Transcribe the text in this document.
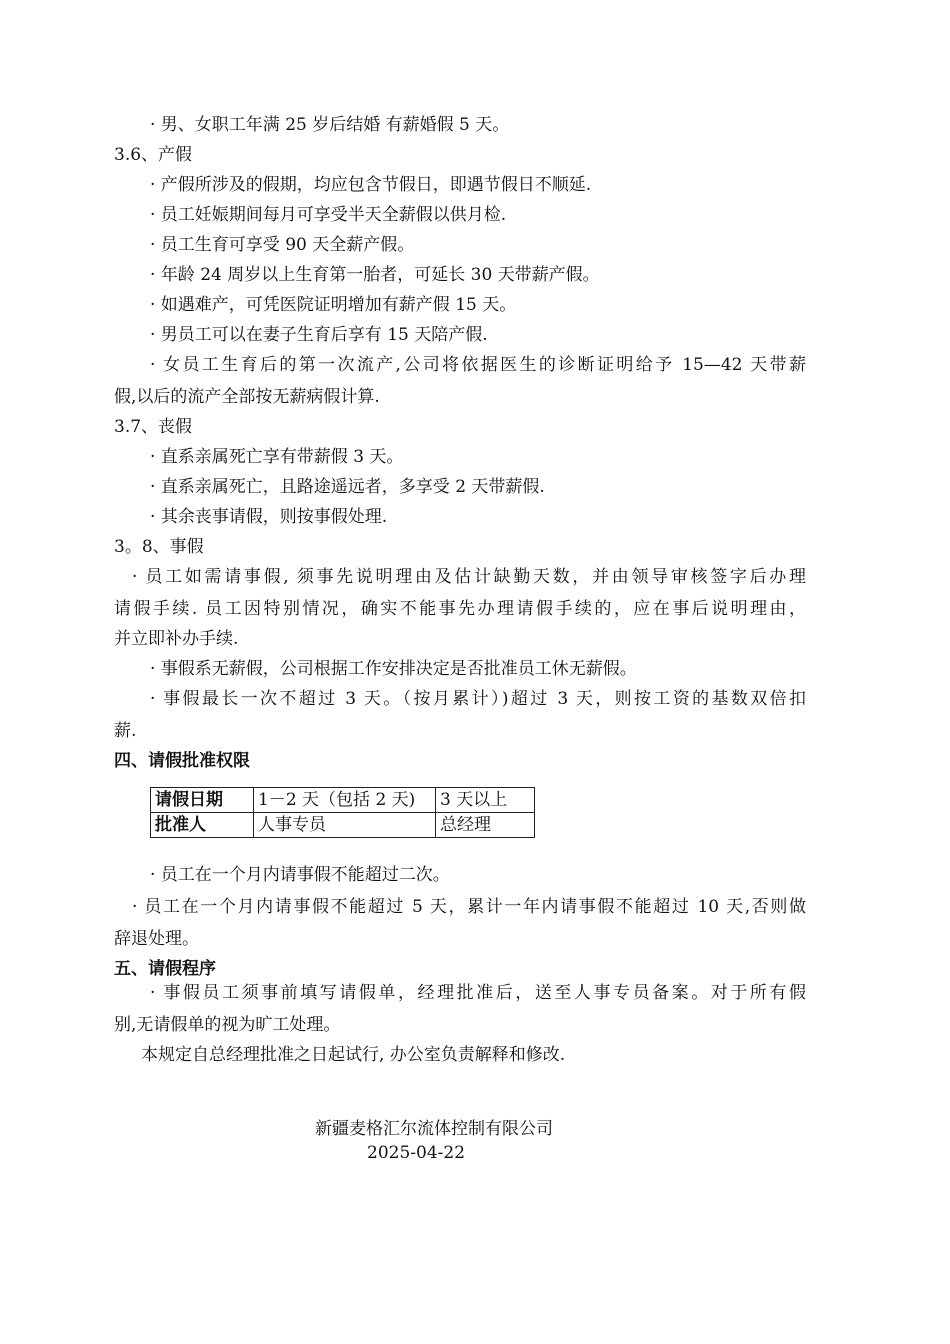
· 男、女职工年满 25 岁后结婚 有薪婚假 5 天。
3.6、产假
· 产假所涉及的假期，均应包含节假日，即遇节假日不顺延.
· 员工妊娠期间每月可享受半天全薪假以供月检.
· 员工生育可享受 90 天全薪产假。
· 年龄 24 周岁以上生育第一胎者，可延长 30 天带薪产假。
· 如遇难产，可凭医院证明增加有薪产假 15 天。
· 男员工可以在妻子生育后享有 15 天陪产假.
· 女员工生育后的第一次流产,公司将依据医生的诊断证明给予 15—42 天带薪
假,以后的流产全部按无薪病假计算.
3.7、丧假
· 直系亲属死亡享有带薪假 3 天。
· 直系亲属死亡，且路途遥远者，多享受 2 天带薪假.
· 其余丧事请假，则按事假处理.
3。8、事假
· 员工如需请事假, 须事先说明理由及估计缺勤天数，并由领导审核签字后办理
请假手续. 员工因特别情况，确实不能事先办理请假手续的，应在事后说明理由，
并立即补办手续.
· 事假系无薪假，公司根据工作安排决定是否批准员工休无薪假。
· 事假最长一次不超过 3 天。（按月累计）)超过 3 天，则按工资的基数双倍扣
薪.
四、请假批准权限
请假日期	1－2 天（包括 2 天)	3 天以上
批准人	人事专员	总经理
· 员工在一个月内请事假不能超过二次。
· 员工在一个月内请事假不能超过 5 天，累计一年内请事假不能超过 10 天,否则做
辞退处理。
五、请假程序
· 事假员工须事前填写请假单，经理批准后，送至人事专员备案。对于所有假
别,无请假单的视为旷工处理。
本规定自总经理批准之日起试行, 办公室负责解释和修改.
新疆麦格汇尔流体控制有限公司
2025-04-22
